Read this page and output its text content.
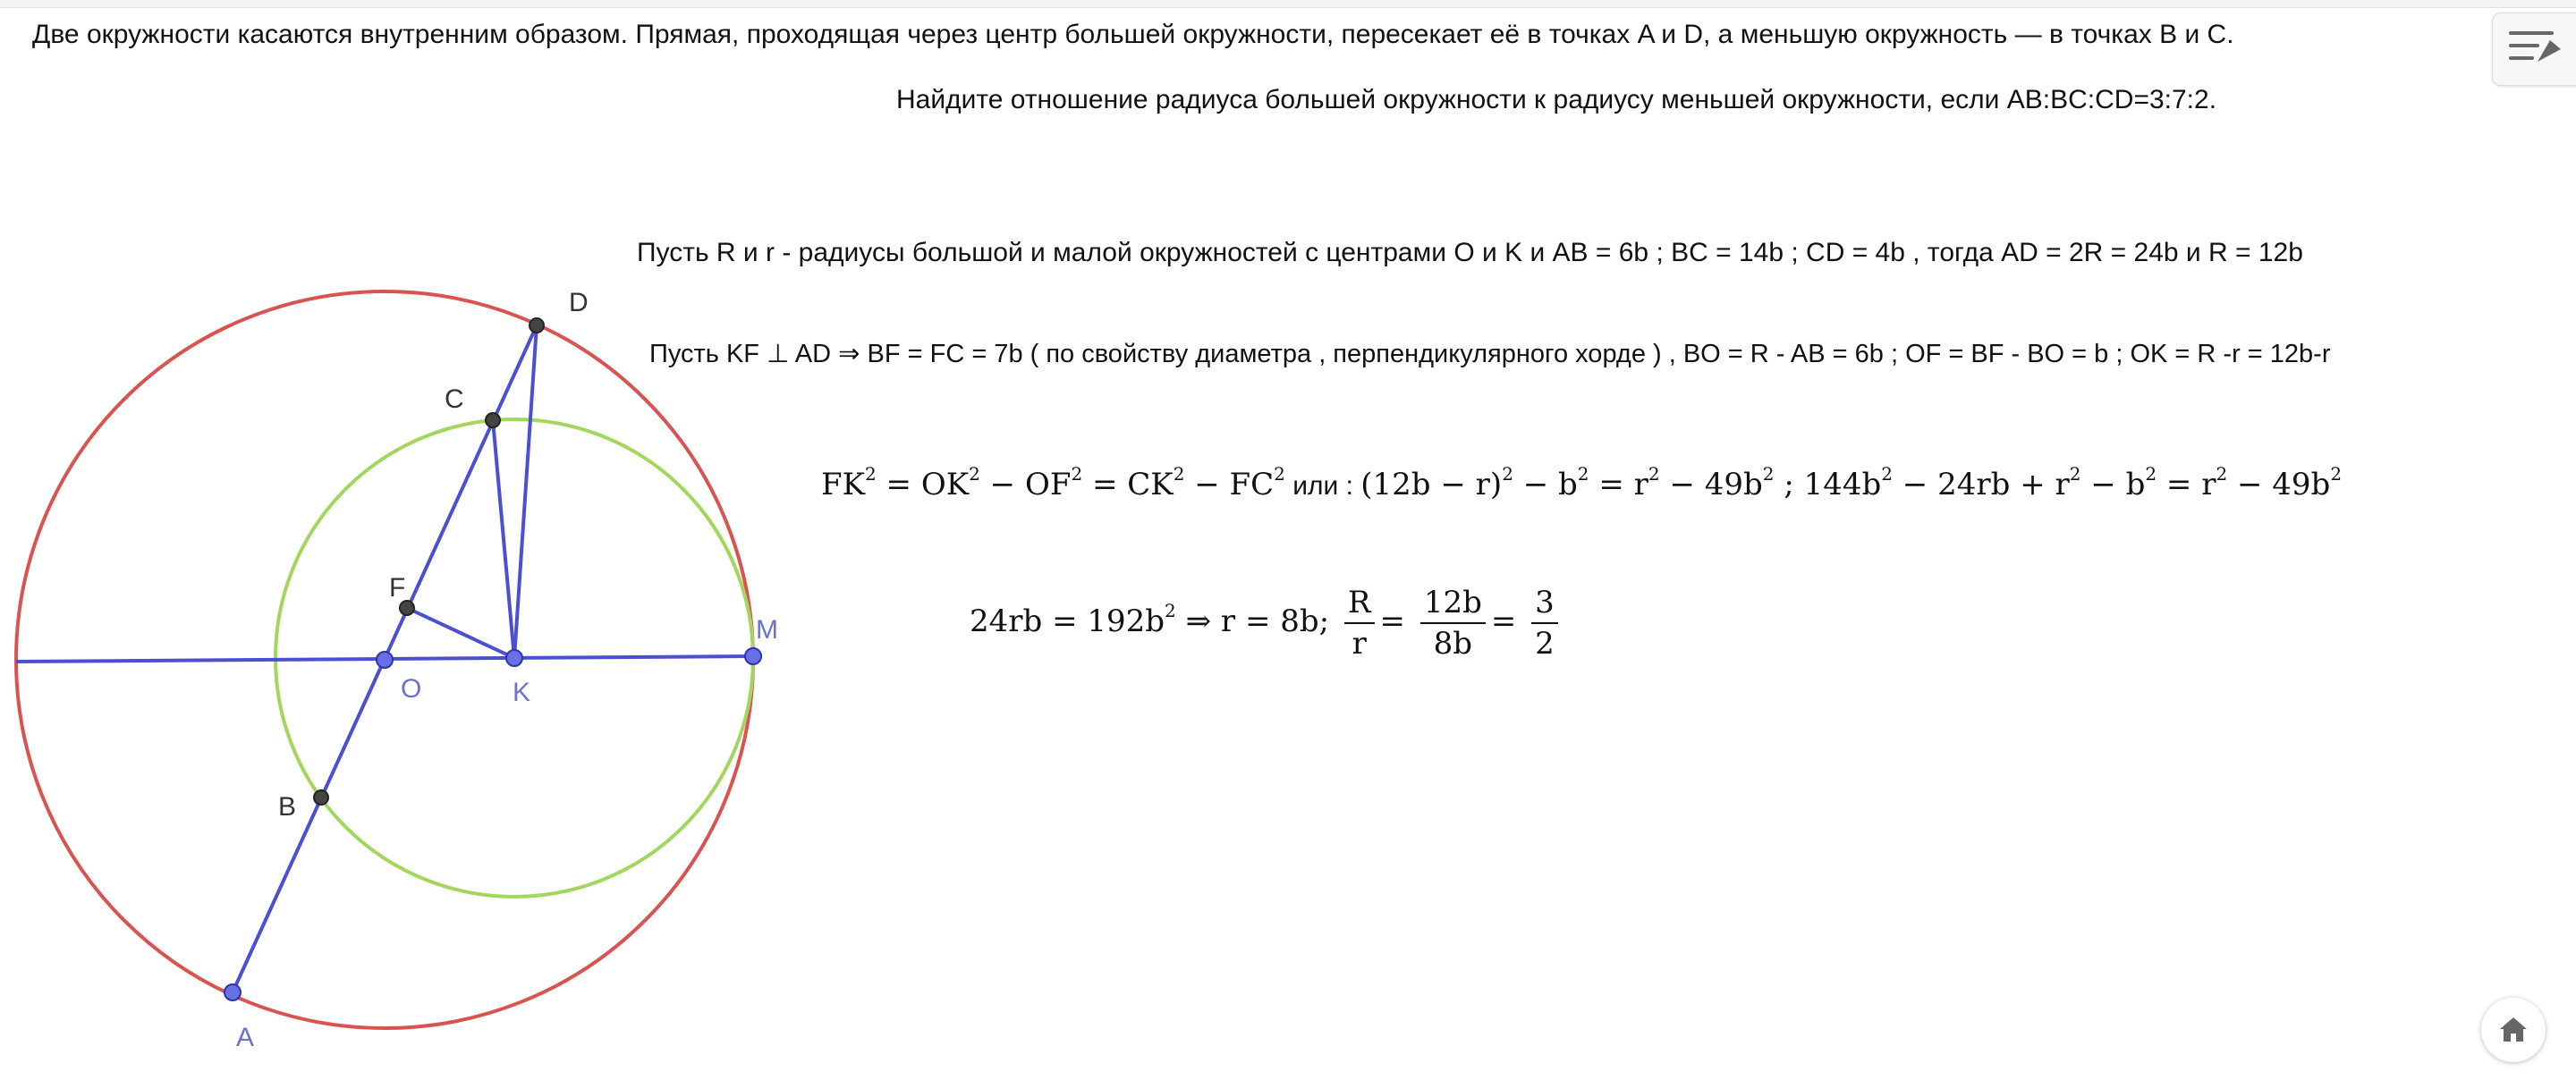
Две окружности касаются внутренним образом. Прямая, проходящая через центр большей окружности, пересекает её в точках A и D, а меньшую окружность — в точках B и C.
Найдите отношение радиуса большей окружности к радиусу меньшей окружности, если AB:BC:CD=3:7:2.
Пусть R и r - радиусы большой и малой окружностей с центрами O и K и AB = 6b ; BC = 14b ; CD = 4b , тогда AD = 2R = 24b и R = 12b
Пусть KF ⊥ AD ⇒ BF = FC = 7b ( по свойству диаметра , перпендикулярного хорде ) , BO = R - AB = 6b ; OF = BF - BO = b ; OK = R -r = 12b-r
$FK^2 = OK^2 - OF^2 = CK^2 - FC^2$ или : $(12b - r)^2 - b^2 = r^2 - 49b^2$ ; $144b^2 - 24rb + r^2 - b^2 = r^2 - 49b^2$
$24rb = 192b^2$ ⇒ r = 8b; $\frac{R}{r} = \frac{12b}{8b} = \frac{3}{2}$
D
C
F
B
A
O	K
M
